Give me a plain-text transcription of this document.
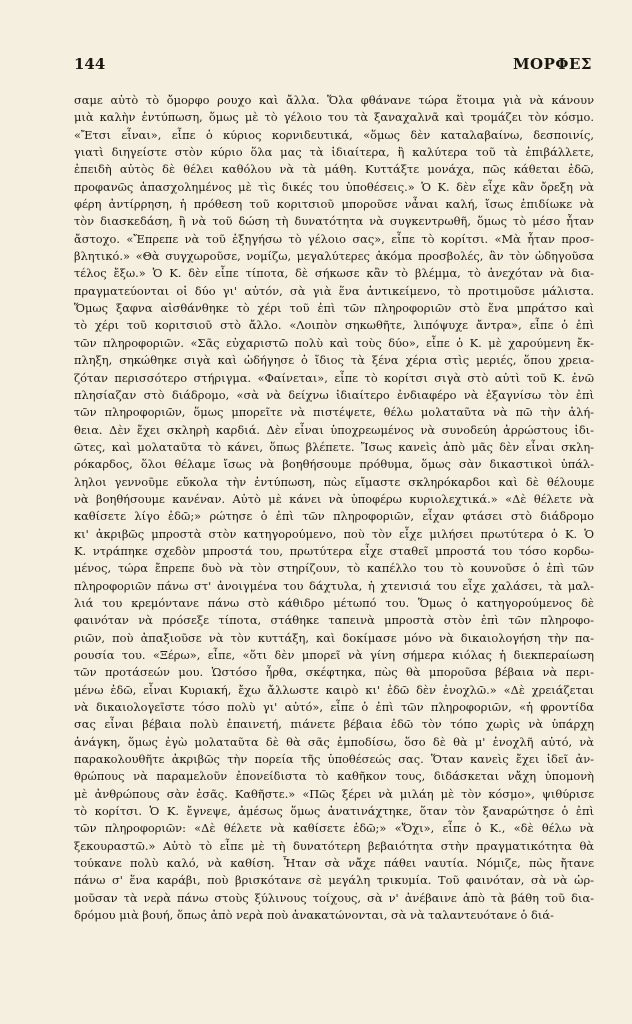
144	ΜΟΡΦΕΣ
σαμε αὐτὸ τὸ ὄμορφο ρουχο καὶ ἄλλα. Ὅλα φθάνανε τώρα ἕτοιμα γιὰ νὰ κάνουν
μιὰ καλὴν ἐντύπωση, ὅμως μὲ τὸ γέλοιο του τὰ ξαναχαλνᾶ καὶ τρομάζει τὸν κόσμο.
«Ἔτσι εἶναι», εἶπε ὁ κύριος κορνιδευτικά, «ὅμως δὲν καταλαβαίνω, δεσποινίς,
γιατὶ διηγείστε στὸν κύριο ὅλα μας τὰ ἰδιαίτερα, ἢ καλύτερα τοῦ τὰ ἐπιβάλλετε,
ἐπειδὴ αὐτὸς δὲ θέλει καθόλου νὰ τὰ μάθη. Κυττάξτε μονάχα, πῶς κάθεται ἐδῶ,
προφανῶς ἀπασχολημένος μὲ τὶς δικές του ὑποθέσεις.» Ὁ Κ. δὲν εἶχε κἂν ὄρεξη νὰ
φέρη ἀντίρρηση, ἡ πρόθεση τοῦ κοριτσιοῦ μποροῦσε νἆναι καλή, ἴσως ἐπιδίωκε νὰ
τὸν διασκεδάση, ἢ νὰ τοῦ δώση τὴ δυνατότητα νὰ συγκεντρωθῆ, ὅμως τὸ μέσο ἦταν
ἄστοχο. «Ἔπρεπε νὰ τοῦ ἐξηγήσω τὸ γέλοιο σας», εἶπε τὸ κορίτσι. «Μὰ ἦταν προσ-
βλητικό.» «Θὰ συγχωροῦσε, νομίζω, μεγαλύτερες ἀκόμα προσβολές, ἂν τὸν ὡδηγοῦσα
τέλος ἔξω.» Ὁ Κ. δὲν εἶπε τίποτα, δὲ σήκωσε κἂν τὸ βλέμμα, τὸ ἀνεχόταν νὰ δια-
πραγματεύονται οἱ δύο γι' αὐτόν, σὰ γιὰ ἕνα ἀντικείμενο, τὸ προτιμοῦσε μάλιστα.
Ὅμως ξαφνα αἰσθάνθηκε τὸ χέρι τοῦ ἐπὶ τῶν πληροφοριῶν στὸ ἕνα μπράτσο καὶ
τὸ χέρι τοῦ κοριτσιοῦ στὸ ἄλλο. «Λοιπὸν σηκωθῆτε, λιπόψυχε ἄντρα», εἶπε ὁ ἐπὶ
τῶν πληροφοριῶν. «Σᾶς εὐχαριστῶ πολὺ καὶ τοὺς δύο», εἶπε ὁ Κ. μὲ χαρούμενη ἔκ-
πληξη, σηκώθηκε σιγὰ καὶ ὡδήγησε ὁ ἴδιος τὰ ξένα χέρια στὶς μεριές, ὅπου χρεια-
ζόταν περισσότερο στήριγμα. «Φαίνεται», εἶπε τὸ κορίτσι σιγὰ στὸ αὐτὶ τοῦ Κ. ἐνῶ
πλησίαζαν στὸ διάδρομο, «σὰ νὰ δείχνω ἰδιαίτερο ἐνδιαφέρο νὰ ἐξαγνίσω τὸν ἐπὶ
τῶν πληροφοριῶν, ὅμως μπορεῖτε νὰ πιστέψετε, θέλω μολαταῦτα νὰ πῶ τὴν ἀλή-
θεια. Δὲν ἔχει σκληρὴ καρδιά. Δὲν εἶναι ὑποχρεωμένος νὰ συνοδεύη ἀρρώστους ἰδι-
ῶτες, καὶ μολαταῦτα τὸ κάνει, ὅπως βλέπετε. Ἴσως κανεὶς ἀπὸ μᾶς δὲν εἶναι σκλη-
ρόκαρδος, ὅλοι θέλαμε ἴσως νὰ βοηθήσουμε πρόθυμα, ὅμως σὰν δικαστικοὶ ὑπάλ-
ληλοι γεννοῦμε εὔκολα τὴν ἐντύπωση, πὼς εἴμαστε σκληρόκαρδοι καὶ δὲ θέλουμε
νὰ βοηθήσουμε κανέναν. Αὐτὸ μὲ κάνει νὰ ὑποφέρω κυριολεχτικά.» «Δὲ θέλετε νὰ
καθίσετε λίγο ἐδῶ;» ρώτησε ὁ ἐπὶ τῶν πληροφοριῶν, εἶχαν φτάσει στὸ διάδρομο
κι' ἀκριβῶς μπροστὰ στὸν κατηγορούμενο, ποὺ τὸν εἶχε μιλήσει πρωτύτερα ὁ Κ. Ὁ
Κ. ντράπηκε σχεδὸν μπροστά του, πρωτύτερα εἶχε σταθεῖ μπροστά του τόσο κορδω-
μένος, τώρα ἔπρεπε δυὸ νὰ τὸν στηρίζουν, τὸ καπέλλο του τὸ κουνοῦσε ὁ ἐπὶ τῶν
πληροφοριῶν πάνω στ' ἀνοιγμένα του δάχτυλα, ἡ χτενισιά του εἶχε χαλάσει, τὰ μαλ-
λιά του κρεμόντανε πάνω στὸ κάθιδρο μέτωπό του. Ὅμως ὁ κατηγορούμενος δὲ
φαινόταν νὰ πρόσεξε τίποτα, στάθηκε ταπεινὰ μπροστὰ στὸν ἐπὶ τῶν πληροφο-
ριῶν, ποὺ ἀπαξιοῦσε νὰ τὸν κυττάξη, καὶ δοκίμασε μόνο νὰ δικαιολογήση τὴν πα-
ρουσία του. «Ξέρω», εἶπε, «ὅτι δὲν μπορεῖ νὰ γίνη σήμερα κιόλας ἡ διεκπεραίωση
τῶν προτάσεών μου. Ὡστόσο ἦρθα, σκέφτηκα, πὼς θὰ μποροῦσα βέβαια νὰ περι-
μένω ἐδῶ, εἶναι Κυριακή, ἔχω ἄλλωστε καιρὸ κι' ἐδῶ δὲν ἐνοχλῶ.» «Δὲ χρειάζεται
νὰ δικαιολογεῖστε τόσο πολὺ γι' αὐτό», εἶπε ὁ ἐπὶ τῶν πληροφοριῶν, «ἡ φροντίδα
σας εἶναι βέβαια πολὺ ἐπαινετή, πιάνετε βέβαια ἐδῶ τὸν τόπο χωρὶς νὰ ὑπάρχη
ἀνάγκη, ὅμως ἐγὼ μολαταῦτα δὲ θὰ σᾶς ἐμποδίσω, ὅσο δὲ θὰ μ' ἐνοχλῆ αὐτό, νὰ
παρακολουθῆτε ἀκριβῶς τὴν πορεία τῆς ὑποθέσεώς σας. Ὅταν κανεὶς ἔχει ἰδεῖ ἀν-
θρώπους νὰ παραμελοῦν ἐπονείδιστα τὸ καθῆκον τους, διδάσκεται νἄχη ὑπομονὴ
μὲ ἀνθρώπους σὰν ἐσᾶς. Καθῆστε.» «Πῶς ξέρει νὰ μιλάη μὲ τὸν κόσμο», ψιθύρισε
τὸ κορίτσι. Ὁ Κ. ἔγνεψε, ἀμέσως ὅμως ἀνατινάχτηκε, ὅταν τὸν ξαναρώτησε ὁ ἐπὶ
τῶν πληροφοριῶν: «Δὲ θέλετε νὰ καθίσετε ἐδῶ;» «Ὄχι», εἶπε ὁ Κ., «δὲ θέλω νὰ
ξεκουραστῶ.» Αὐτὸ τὸ εἶπε μὲ τὴ δυνατότερη βεβαιότητα στὴν πραγματικότητα θὰ
τούκανε πολὺ καλό, νὰ καθίση. Ἦταν σὰ νἄχε πάθει ναυτία. Νόμιζε, πὼς ἤτανε
πάνω σ' ἕνα καράβι, ποὺ βρισκότανε σὲ μεγάλη τρικυμία. Τοῦ φαινόταν, σὰ νὰ ὡρ-
μοῦσαν τὰ νερὰ πάνω στοὺς ξύλινους τοίχους, σὰ ν' ἀνέβαινε ἀπὸ τὰ βάθη τοῦ δια-
δρόμου μιὰ βουή, ὅπως ἀπὸ νερὰ ποὺ ἀνακατώνονται, σὰ νὰ ταλαντευότανε ὁ διά-
